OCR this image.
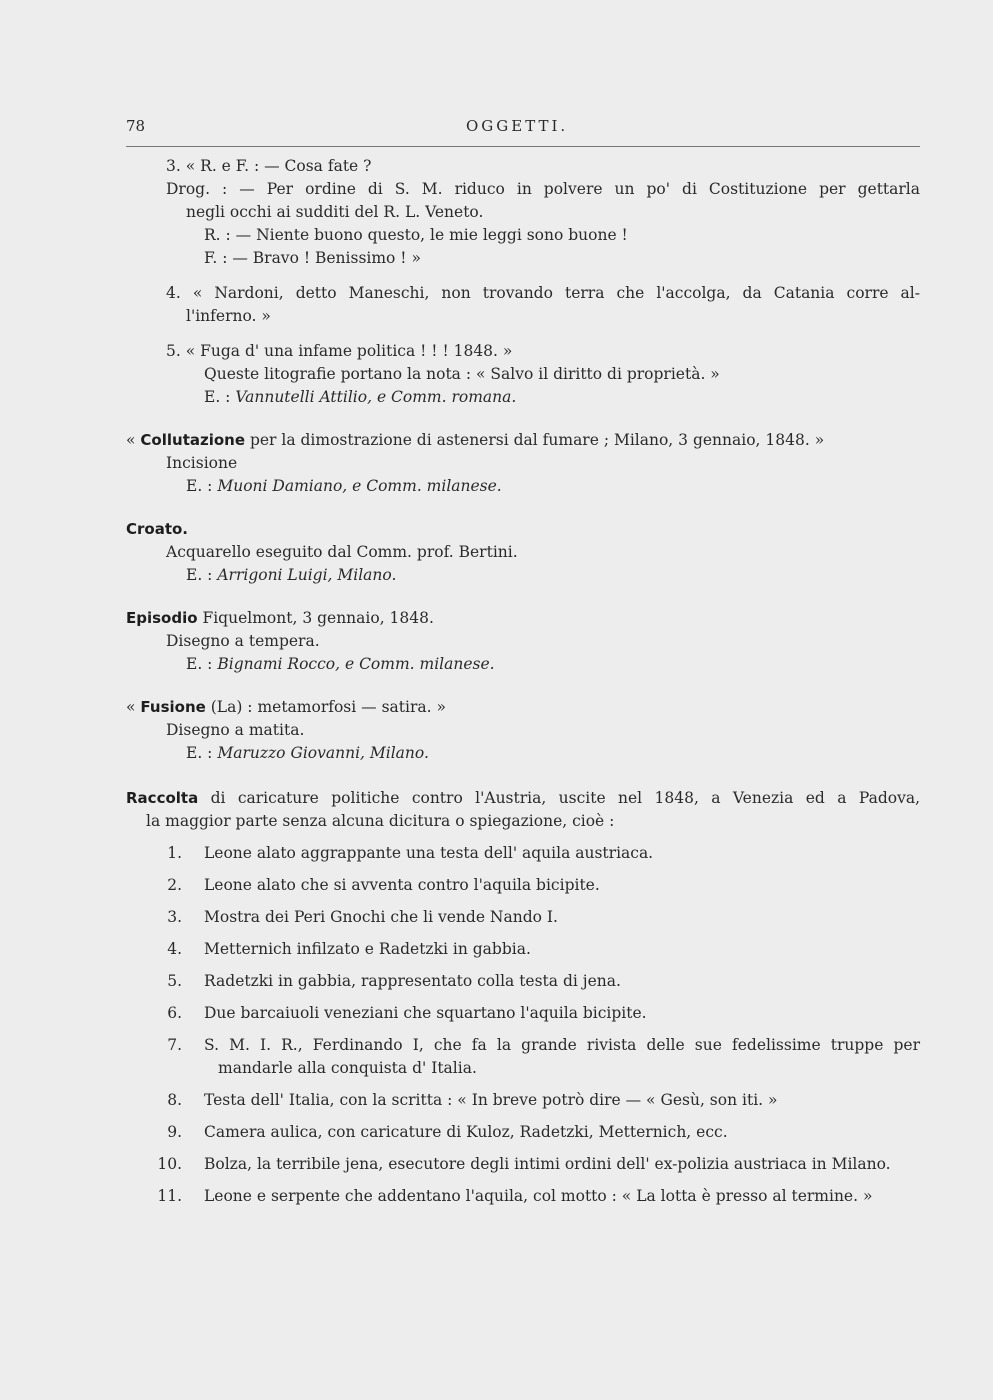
78	OGGETTI.
3. « R. e F. : — Cosa fate ?
Drog. : — Per ordine di S. M. riduco in polvere un po' di Costituzione per gettarla
negli occhi ai sudditi del R. L. Veneto.
R. : — Niente buono questo, le mie leggi sono buone !
F. : — Bravo ! Benissimo ! »
4. « Nardoni, detto Maneschi, non trovando terra che l'accolga, da Catania corre al-
l'inferno. »
5. « Fuga d' una infame politica ! ! ! 1848. »
Queste litografie portano la nota : « Salvo il diritto di proprietà. »
E. : Vannutelli Attilio, e Comm. romana.
« Collutazione per la dimostrazione di astenersi dal fumare ; Milano, 3 gennaio, 1848. »
Incisione
E. : Muoni Damiano, e Comm. milanese.
Croato.
Acquarello eseguito dal Comm. prof. Bertini.
E. : Arrigoni Luigi, Milano.
Episodio Fiquelmont, 3 gennaio, 1848.
Disegno a tempera.
E. : Bignami Rocco, e Comm. milanese.
« Fusione (La) : metamorfosi — satira. »
Disegno a matita.
E. : Maruzzo Giovanni, Milano.
Raccolta di caricature politiche contro l'Austria, uscite nel 1848, a Venezia ed a Padova,
la maggior parte senza alcuna dicitura o spiegazione, cioè :
1. Leone alato aggrappante una testa dell' aquila austriaca.
2. Leone alato che si avventa contro l'aquila bicipite.
3. Mostra dei Peri Gnochi che li vende Nando I.
4. Metternich infilzato e Radetzki in gabbia.
5. Radetzki in gabbia, rappresentato colla testa di jena.
6. Due barcaiuoli veneziani che squartano l'aquila bicipite.
7. S. M. I. R., Ferdinando I, che fa la grande rivista delle sue fedelissime truppe per
mandarle alla conquista d' Italia.
8. Testa dell' Italia, con la scritta : « In breve potrò dire — « Gesù, son iti. »
9. Camera aulica, con caricature di Kuloz, Radetzki, Metternich, ecc.
10. Bolza, la terribile jena, esecutore degli intimi ordini dell' ex-polizia austriaca in Milano.
11. Leone e serpente che addentano l'aquila, col motto : « La lotta è presso al termine. »
